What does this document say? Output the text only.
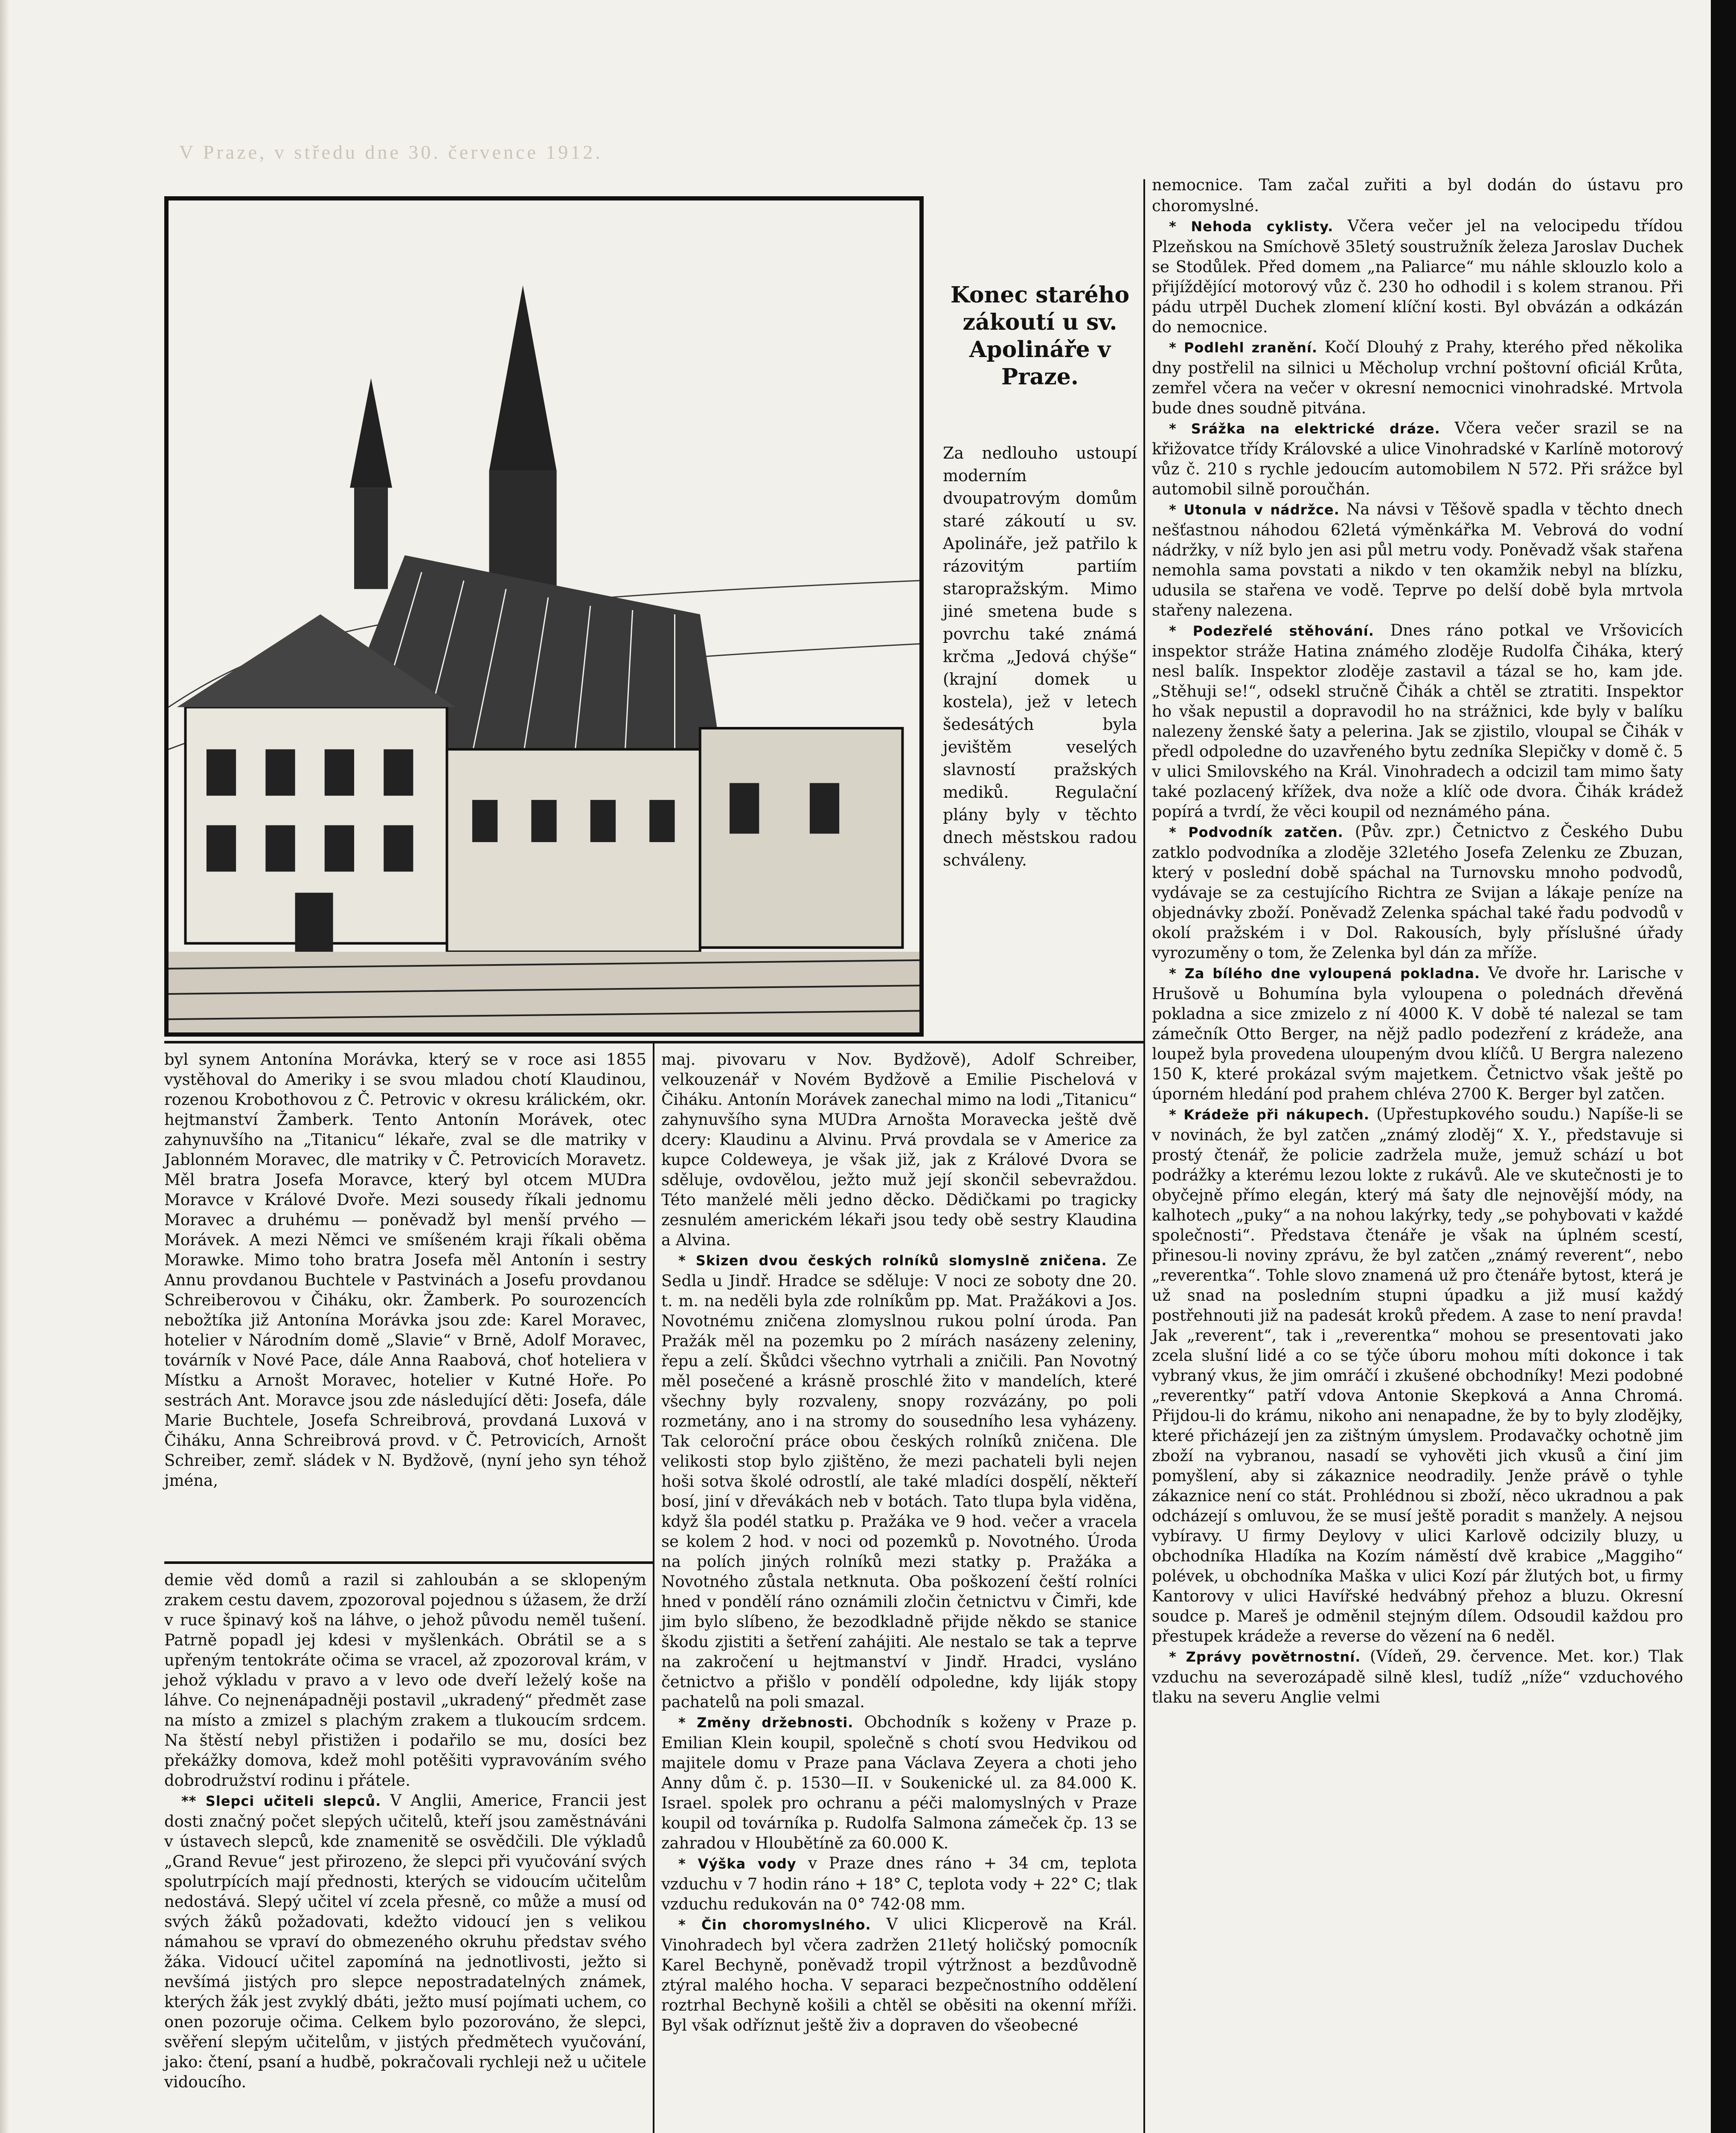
V Praze, v středu dne 30. července 1912.

Konec starého zákoutí u sv. Apolináře v Praze.

Za nedlouho ustoupí moderním dvoupatrovým domům staré zákoutí u sv. Apolináře, jež patřilo k rázovitým partiím staropražským. Mimo jiné smetena bude s povrchu také známá krčma „Jedová chýše“ (krajní domek u kostela), jež v letech šedesátých byla jevištěm veselých slavností pražských mediků. Regulační plány byly v těchto dnech městskou radou schváleny.

byl synem Antonína Morávka, který se v roce asi 1855 vystěhoval do Ameriky i se svou mladou chotí Klaudinou, rozenou Krobothovou z Č. Petrovic v okresu králickém, okr. hejtmanství Žamberk. Tento Antonín Morávek, otec zahynuvšího na „Titanicu“ lékaře, zval se dle matriky v Jablonném Moravec, dle matriky v Č. Petrovicích Moravetz. Měl bratra Josefa Moravce, který byl otcem MUDra Moravce v Králové Dvoře. Mezi sousedy říkali jednomu Moravec a druhému — poněvadž byl menší prvého — Morávek. A mezi Němci ve smíšeném kraji říkali oběma Morawke. Mimo toho bratra Josefa měl Antonín i sestry Annu provdanou Buchtele v Pastvinách a Josefu provdanou Schreiberovou v Čiháku, okr. Žamberk. Po sourozencích nebožtíka již Antonína Morávka jsou zde: Karel Moravec, hotelier v Národním domě „Slavie“ v Brně, Adolf Moravec, továrník v Nové Pace, dále Anna Raabová, choť hoteliera v Místku a Arnošt Moravec, hotelier v Kutné Hoře. Po sestrách Ant. Moravce jsou zde následující děti: Josefa, dále Marie Buchtele, Josefa Schreibrová, provdaná Luxová v Čiháku, Anna Schreibrová provd. v Č. Petrovicích, Arnošt Schreiber, zemř. sládek v N. Bydžově, (nyní jeho syn téhož jména,

demie věd domů a razil si zahloubán a se sklopeným zrakem cestu davem, zpozoroval pojednou s úžasem, že drží v ruce špinavý koš na láhve, o jehož původu neměl tušení. Patrně popadl jej kdesi v myšlenkách. Obrátil se a s upřeným tentokráte očima se vracel, až zpozoroval krám, v jehož výkladu v pravo a v levo ode dveří leželý koše na láhve. Co nejnenápadněji postavil „ukradený“ předmět zase na místo a zmizel s plachým zrakem a tlukoucím srdcem. Na štěstí nebyl přistižen i podařilo se mu, dosíci bez překážky domova, kdež mohl potěšiti vypravováním svého dobrodružství rodinu i přátele.

** Slepci učiteli slepců. V Anglii, Americe, Francii jest dosti značný počet slepých učitelů, kteří jsou zaměstnáváni v ústavech slepců, kde znamenitě se osvědčili. Dle výkladů „Grand Revue“ jest přirozeno, že slepci při vyučování svých spolutrpících mají přednosti, kterých se vidoucím učitelům nedostává. Slepý učitel ví zcela přesně, co může a musí od svých žáků požadovati, kdežto vidoucí jen s velikou námahou se vpraví do obmezeného okruhu představ svého žáka. Vidoucí učitel zapomíná na jednotlivosti, ježto si nevšímá jistých pro slepce nepostradatelných známek, kterých žák jest zvyklý dbáti, ježto musí pojímati uchem, co onen pozoruje očima. Celkem bylo pozorováno, že slepci, svěření slepým učitelům, v jistých předmětech vyučování, jako: čtení, psaní a hudbě, pokračovali rychleji než u učitele vidoucího.

maj. pivovaru v Nov. Bydžově), Adolf Schreiber, velkouzenář v Novém Bydžově a Emilie Pischelová v Čiháku. Antonín Morávek zanechal mimo na lodi „Titanicu“ zahynuvšího syna MUDra Arnošta Moravecka ještě dvě dcery: Klaudinu a Alvinu. Prvá provdala se v Americe za kupce Coldeweya, je však již, jak z Králové Dvora se sděluje, ovdovělou, ježto muž její skončil sebevraždou. Této manželé měli jedno děcko. Dědičkami po tragicky zesnulém americkém lékaři jsou tedy obě sestry Klaudina a Alvina.

* Skizen dvou českých rolníků slomyslně zničena. Ze Sedla u Jindř. Hradce se sděluje: V noci ze soboty dne 20. t. m. na neděli byla zde rolníkům pp. Mat. Pražákovi a Jos. Novotnému zničena zlomyslnou rukou polní úroda. Pan Pražák měl na pozemku po 2 mírách nasázeny zeleniny, řepu a zelí. Škůdci všechno vytrhali a zničili. Pan Novotný měl posečené a krásně proschlé žito v mandelích, které všechny byly rozvaleny, snopy rozvázány, po poli rozmetány, ano i na stromy do sousedního lesa vyházeny. Tak celoroční práce obou českých rolníků zničena. Dle velikosti stop bylo zjištěno, že mezi pachateli byli nejen hoši sotva školé odrostlí, ale také mladíci dospělí, někteří bosí, jiní v dřevákách neb v botách. Tato tlupa byla viděna, když šla podél statku p. Pražáka ve 9 hod. večer a vracela se kolem 2 hod. v noci od pozemků p. Novotného. Úroda na polích jiných rolníků mezi statky p. Pražáka a Novotného zůstala netknuta. Oba poškození čeští rolníci hned v pondělí ráno oznámili zločin četnictvu v Čimři, kde jim bylo slíbeno, že bezodkladně přijde někdo se stanice škodu zjistiti a šetření zahájiti. Ale nestalo se tak a teprve na zakročení u hejtmanství v Jindř. Hradci, vysláno četnictvo a přišlo v pondělí odpoledne, kdy liják stopy pachatelů na poli smazal.

* Změny držebnosti. Obchodník s koženy v Praze p. Emilian Klein koupil, společně s chotí svou Hedvikou od majitele domu v Praze pana Václava Zeyera a choti jeho Anny dům č. p. 1530—II. v Soukenické ul. za 84.000 K. Israel. spolek pro ochranu a péči malomyslných v Praze koupil od továrníka p. Rudolfa Salmona zámeček čp. 13 se zahradou v Hloubětíně za 60.000 K.

* Výška vody v Praze dnes ráno + 34 cm, teplota vzduchu v 7 hodin ráno + 18° C, teplota vody + 22° C; tlak vzduchu redukován na 0° 742·08 mm.

* Čin choromyslného. V ulici Klicperově na Král. Vinohradech byl včera zadržen 21letý holičský pomocník Karel Bechyně, poněvadž tropil výtržnost a bezdůvodně ztýral malého hocha. V separaci bezpečnostního oddělení roztrhal Bechyně košili a chtěl se oběsiti na okenní mříži. Byl však odříznut ještě živ a dopraven do všeobecné

nemocnice. Tam začal zuřiti a byl dodán do ústavu pro choromyslné.

* Nehoda cyklisty. Včera večer jel na velocipedu třídou Plzeňskou na Smíchově 35letý soustružník železa Jaroslav Duchek se Stodůlek. Před domem „na Paliarce“ mu náhle sklouzlo kolo a přijíždějící motorový vůz č. 230 ho odhodil i s kolem stranou. Při pádu utrpěl Duchek zlomení klíční kosti. Byl obvázán a odkázán do nemocnice.

* Podlehl zranění. Kočí Dlouhý z Prahy, kterého před několika dny postřelil na silnici u Měcholup vrchní poštovní oficiál Krůta, zemřel včera na večer v okresní nemocnici vinohradské. Mrtvola bude dnes soudně pitvána.

* Srážka na elektrické dráze. Včera večer srazil se na křižovatce třídy Královské a ulice Vinohradské v Karlíně motorový vůz č. 210 s rychle jedoucím automobilem N 572. Při srážce byl automobil silně poroučhán.

* Utonula v nádržce. Na návsi v Těšově spadla v těchto dnech nešťastnou náhodou 62letá výměnkářka M. Vebrová do vodní nádržky, v níž bylo jen asi půl metru vody. Poněvadž však stařena nemohla sama povstati a nikdo v ten okamžik nebyl na blízku, udusila se stařena ve vodě. Teprve po delší době byla mrtvola stařeny nalezena.

* Podezřelé stěhování. Dnes ráno potkal ve Vršovicích inspektor stráže Hatina známého zloděje Rudolfa Čiháka, který nesl balík. Inspektor zloděje zastavil a tázal se ho, kam jde. „Stěhuji se!“, odsekl stručně Čihák a chtěl se ztratiti. Inspektor ho však nepustil a dopravodil ho na strážnici, kde byly v balíku nalezeny ženské šaty a pelerina. Jak se zjistilo, vloupal se Čihák v předl odpoledne do uzavřeného bytu zedníka Slepičky v domě č. 5 v ulici Smilovského na Král. Vinohradech a odcizil tam mimo šaty také pozlacený křížek, dva nože a klíč ode dvora. Čihák krádež popírá a tvrdí, že věci koupil od neznámého pána.

* Podvodník zatčen. (Pův. zpr.) Četnictvo z Českého Dubu zatklo podvodníka a zloděje 32letého Josefa Zelenku ze Zbuzan, který v poslední době spáchal na Turnovsku mnoho podvodů, vydávaje se za cestujícího Richtra ze Svijan a lákaje peníze na objednávky zboží. Poněvadž Zelenka spáchal také řadu podvodů v okolí pražském i v Dol. Rakousích, byly příslušné úřady vyrozuměny o tom, že Zelenka byl dán za mříže.

* Za bílého dne vyloupená pokladna. Ve dvoře hr. Larische v Hrušově u Bohumína byla vyloupena o polednách dřevěná pokladna a sice zmizelo z ní 4000 K. V době té nalezal se tam zámečník Otto Berger, na nějž padlo podezření z krádeže, ana loupež byla provedena uloupeným dvou klíčů. U Bergra nalezeno 150 K, které prokázal svým majetkem. Četnictvo však ještě po úporném hledání pod prahem chléva 2700 K. Berger byl zatčen.

* Krádeže při nákupech. (Upřestupkového soudu.) Napíše-li se v novinách, že byl zatčen „známý zloděj“ X. Y., představuje si prostý čtenář, že policie zadržela muže, jemuž schází u bot podrážky a kterému lezou lokte z rukávů. Ale ve skutečnosti je to obyčejně přímo elegán, který má šaty dle nejnovější módy, na kalhotech „puky“ a na nohou lakýrky, tedy „se pohybovati v každé společnosti“. Představa čtenáře je však na úplném scestí, přinesou-li noviny zprávu, že byl zatčen „známý reverent“, nebo „reverentka“. Tohle slovo znamená už pro čtenáře bytost, která je už snad na posledním stupni úpadku a již musí každý postřehnouti již na padesát kroků předem. A zase to není pravda! Jak „reverent“, tak i „reverentka“ mohou se presentovati jako zcela slušní lidé a co se týče úboru mohou míti dokonce i tak vybraný vkus, že jim omráčí i zkušené obchodníky! Mezi podobné „reverentky“ patří vdova Antonie Skepková a Anna Chromá. Přijdou-li do krámu, nikoho ani nenapadne, že by to byly zlodějky, které přicházejí jen za zištným úmyslem. Prodavačky ochotně jim zboží na vybranou, nasadí se vyhověti jich vkusů a činí jim pomyšlení, aby si zákaznice neodradily. Jenže právě o tyhle zákaznice není co stát. Prohlédnou si zboží, něco ukradnou a pak odcházejí s omluvou, že se musí ještě poradit s manžely. A nejsou vybíravy. U firmy Deylovy v ulici Karlově odcizily bluzy, u obchodníka Hladíka na Kozím náměstí dvě krabice „Maggiho“ polévek, u obchodníka Maška v ulici Kozí pár žlutých bot, u firmy Kantorovy v ulici Havířské hedvábný přehoz a bluzu. Okresní soudce p. Mareš je odměnil stejným dílem. Odsoudil každou pro přestupek krádeže a reverse do vězení na 6 neděl.

* Zprávy povětrnostní. (Vídeň, 29. července. Met. kor.) Tlak vzduchu na severozápadě silně klesl, tudíž „níže“ vzduchového tlaku na severu Anglie velmi
